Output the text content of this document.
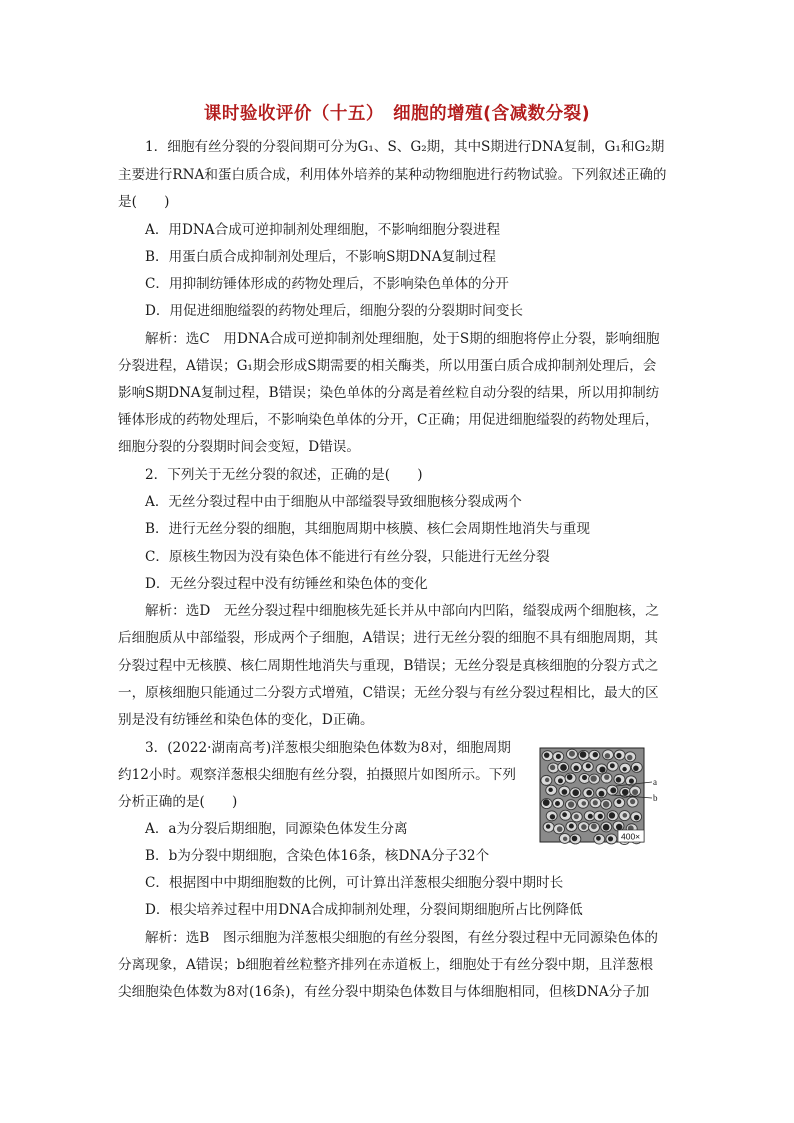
课时验收评价（十五）　细胞的增殖(含减数分裂)
1．细胞有丝分裂的分裂间期可分为G₁、S、G₂期，其中S期进行DNA复制，G₁和G₂期
主要进行RNA和蛋白质合成，利用体外培养的某种动物细胞进行药物试验。下列叙述正确的
是(　　)
A．用DNA合成可逆抑制剂处理细胞，不影响细胞分裂进程
B．用蛋白质合成抑制剂处理后，不影响S期DNA复制过程
C．用抑制纺锤体形成的药物处理后，不影响染色单体的分开
D．用促进细胞缢裂的药物处理后，细胞分裂的分裂期时间变长
解析：选C　用DNA合成可逆抑制剂处理细胞，处于S期的细胞将停止分裂，影响细胞
分裂进程，A错误；G₁期会形成S期需要的相关酶类，所以用蛋白质合成抑制剂处理后，会
影响S期DNA复制过程，B错误；染色单体的分离是着丝粒自动分裂的结果，所以用抑制纺
锤体形成的药物处理后，不影响染色单体的分开，C正确；用促进细胞缢裂的药物处理后，
细胞分裂的分裂期时间会变短，D错误。
2．下列关于无丝分裂的叙述，正确的是(　　)
A．无丝分裂过程中由于细胞从中部缢裂导致细胞核分裂成两个
B．进行无丝分裂的细胞，其细胞周期中核膜、核仁会周期性地消失与重现
C．原核生物因为没有染色体不能进行有丝分裂，只能进行无丝分裂
D．无丝分裂过程中没有纺锤丝和染色体的变化
解析：选D　无丝分裂过程中细胞核先延长并从中部向内凹陷，缢裂成两个细胞核，之
后细胞质从中部缢裂，形成两个子细胞，A错误；进行无丝分裂的细胞不具有细胞周期，其
分裂过程中无核膜、核仁周期性地消失与重现，B错误；无丝分裂是真核细胞的分裂方式之
一，原核细胞只能通过二分裂方式增殖，C错误；无丝分裂与有丝分裂过程相比，最大的区
别是没有纺锤丝和染色体的变化，D正确。
3．(2022·湖南高考)洋葱根尖细胞染色体数为8对，细胞周期
约12小时。观察洋葱根尖细胞有丝分裂，拍摄照片如图所示。下列
分析正确的是(　　)
A．a为分裂后期细胞，同源染色体发生分离
B．b为分裂中期细胞，含染色体16条，核DNA分子32个
C．根据图中中期细胞数的比例，可计算出洋葱根尖细胞分裂中期时长
D．根尖培养过程中用DNA合成抑制剂处理，分裂间期细胞所占比例降低
解析：选B　图示细胞为洋葱根尖细胞的有丝分裂图，有丝分裂过程中无同源染色体的
分离现象，A错误；b细胞着丝粒整齐排列在赤道板上，细胞处于有丝分裂中期，且洋葱根
尖细胞染色体数为8对(16条)，有丝分裂中期染色体数目与体细胞相同，但核DNA分子加
a
b
400×
